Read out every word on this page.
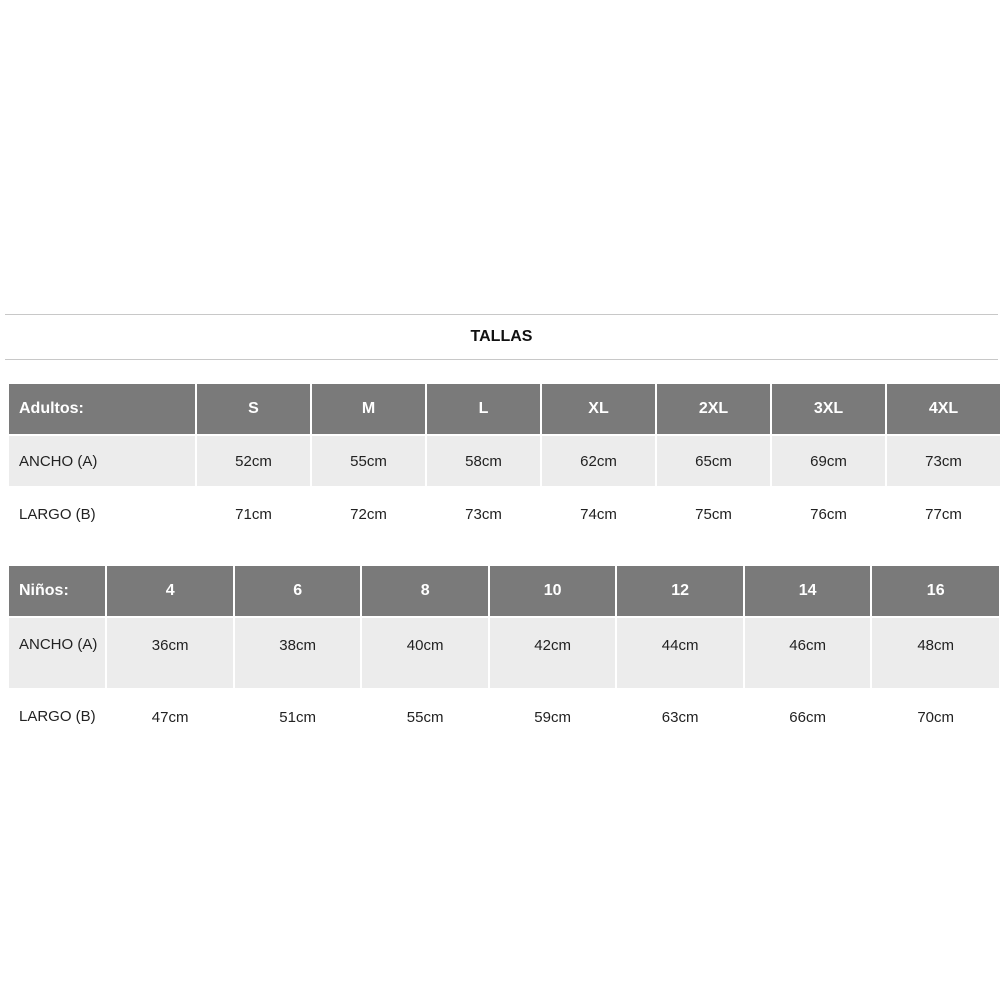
TALLAS
Adultos:	S	M	L	XL	2XL	3XL	4XL
ANCHO (A)	52cm	55cm	58cm	62cm	65cm	69cm	73cm
LARGO (B)	71cm	72cm	73cm	74cm	75cm	76cm	77cm
Niños:	4	6	8	10	12	14	16
ANCHO (A)	36cm	38cm	40cm	42cm	44cm	46cm	48cm
LARGO (B)	47cm	51cm	55cm	59cm	63cm	66cm	70cm
